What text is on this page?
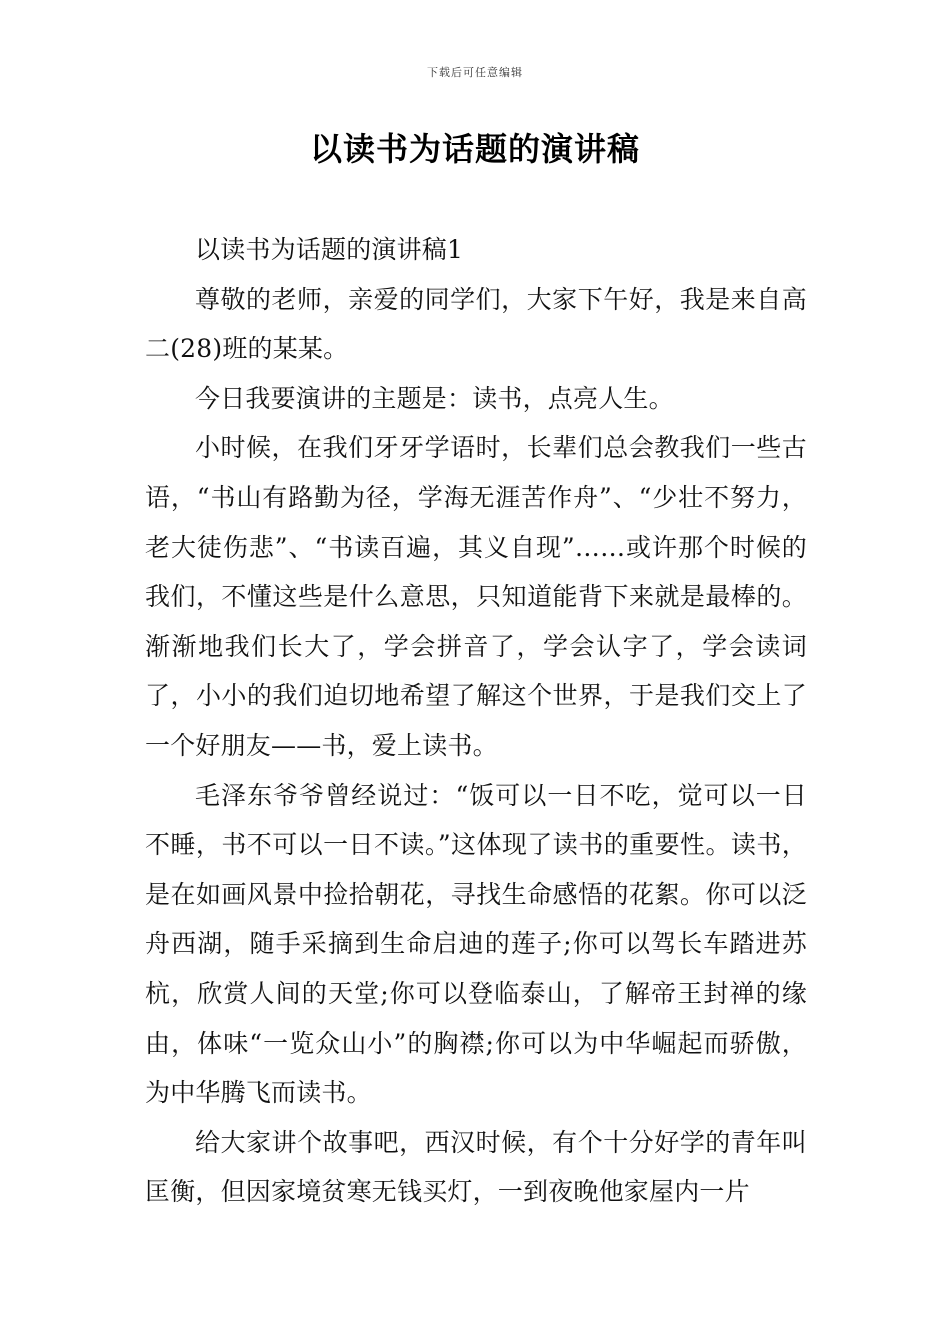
下载后可任意编辑
以读书为话题的演讲稿

以读书为话题的演讲稿1

尊敬的老师，亲爱的同学们，大家下午好，我是来自高二(28)班的某某。

今日我要演讲的主题是：读书，点亮人生。

小时候，在我们牙牙学语时，长辈们总会教我们一些古语，“书山有路勤为径，学海无涯苦作舟”、“少壮不努力，老大徒伤悲”、“书读百遍，其义自现”……或许那个时候的我们，不懂这些是什么意思，只知道能背下来就是最棒的。渐渐地我们长大了，学会拼音了，学会认字了，学会读词了，小小的我们迫切地希望了解这个世界，于是我们交上了一个好朋友——书，爱上读书。

毛泽东爷爷曾经说过：“饭可以一日不吃，觉可以一日不睡，书不可以一日不读。”这体现了读书的重要性。读书，是在如画风景中捡拾朝花，寻找生命感悟的花絮。你可以泛舟西湖，随手采摘到生命启迪的莲子;你可以驾长车踏进苏杭，欣赏人间的天堂;你可以登临泰山，了解帝王封禅的缘由，体味“一览众山小”的胸襟;你可以为中华崛起而骄傲，为中华腾飞而读书。

给大家讲个故事吧，西汉时候，有个十分好学的青年叫匡衡，但因家境贫寒无钱买灯，一到夜晚他家屋内一片
